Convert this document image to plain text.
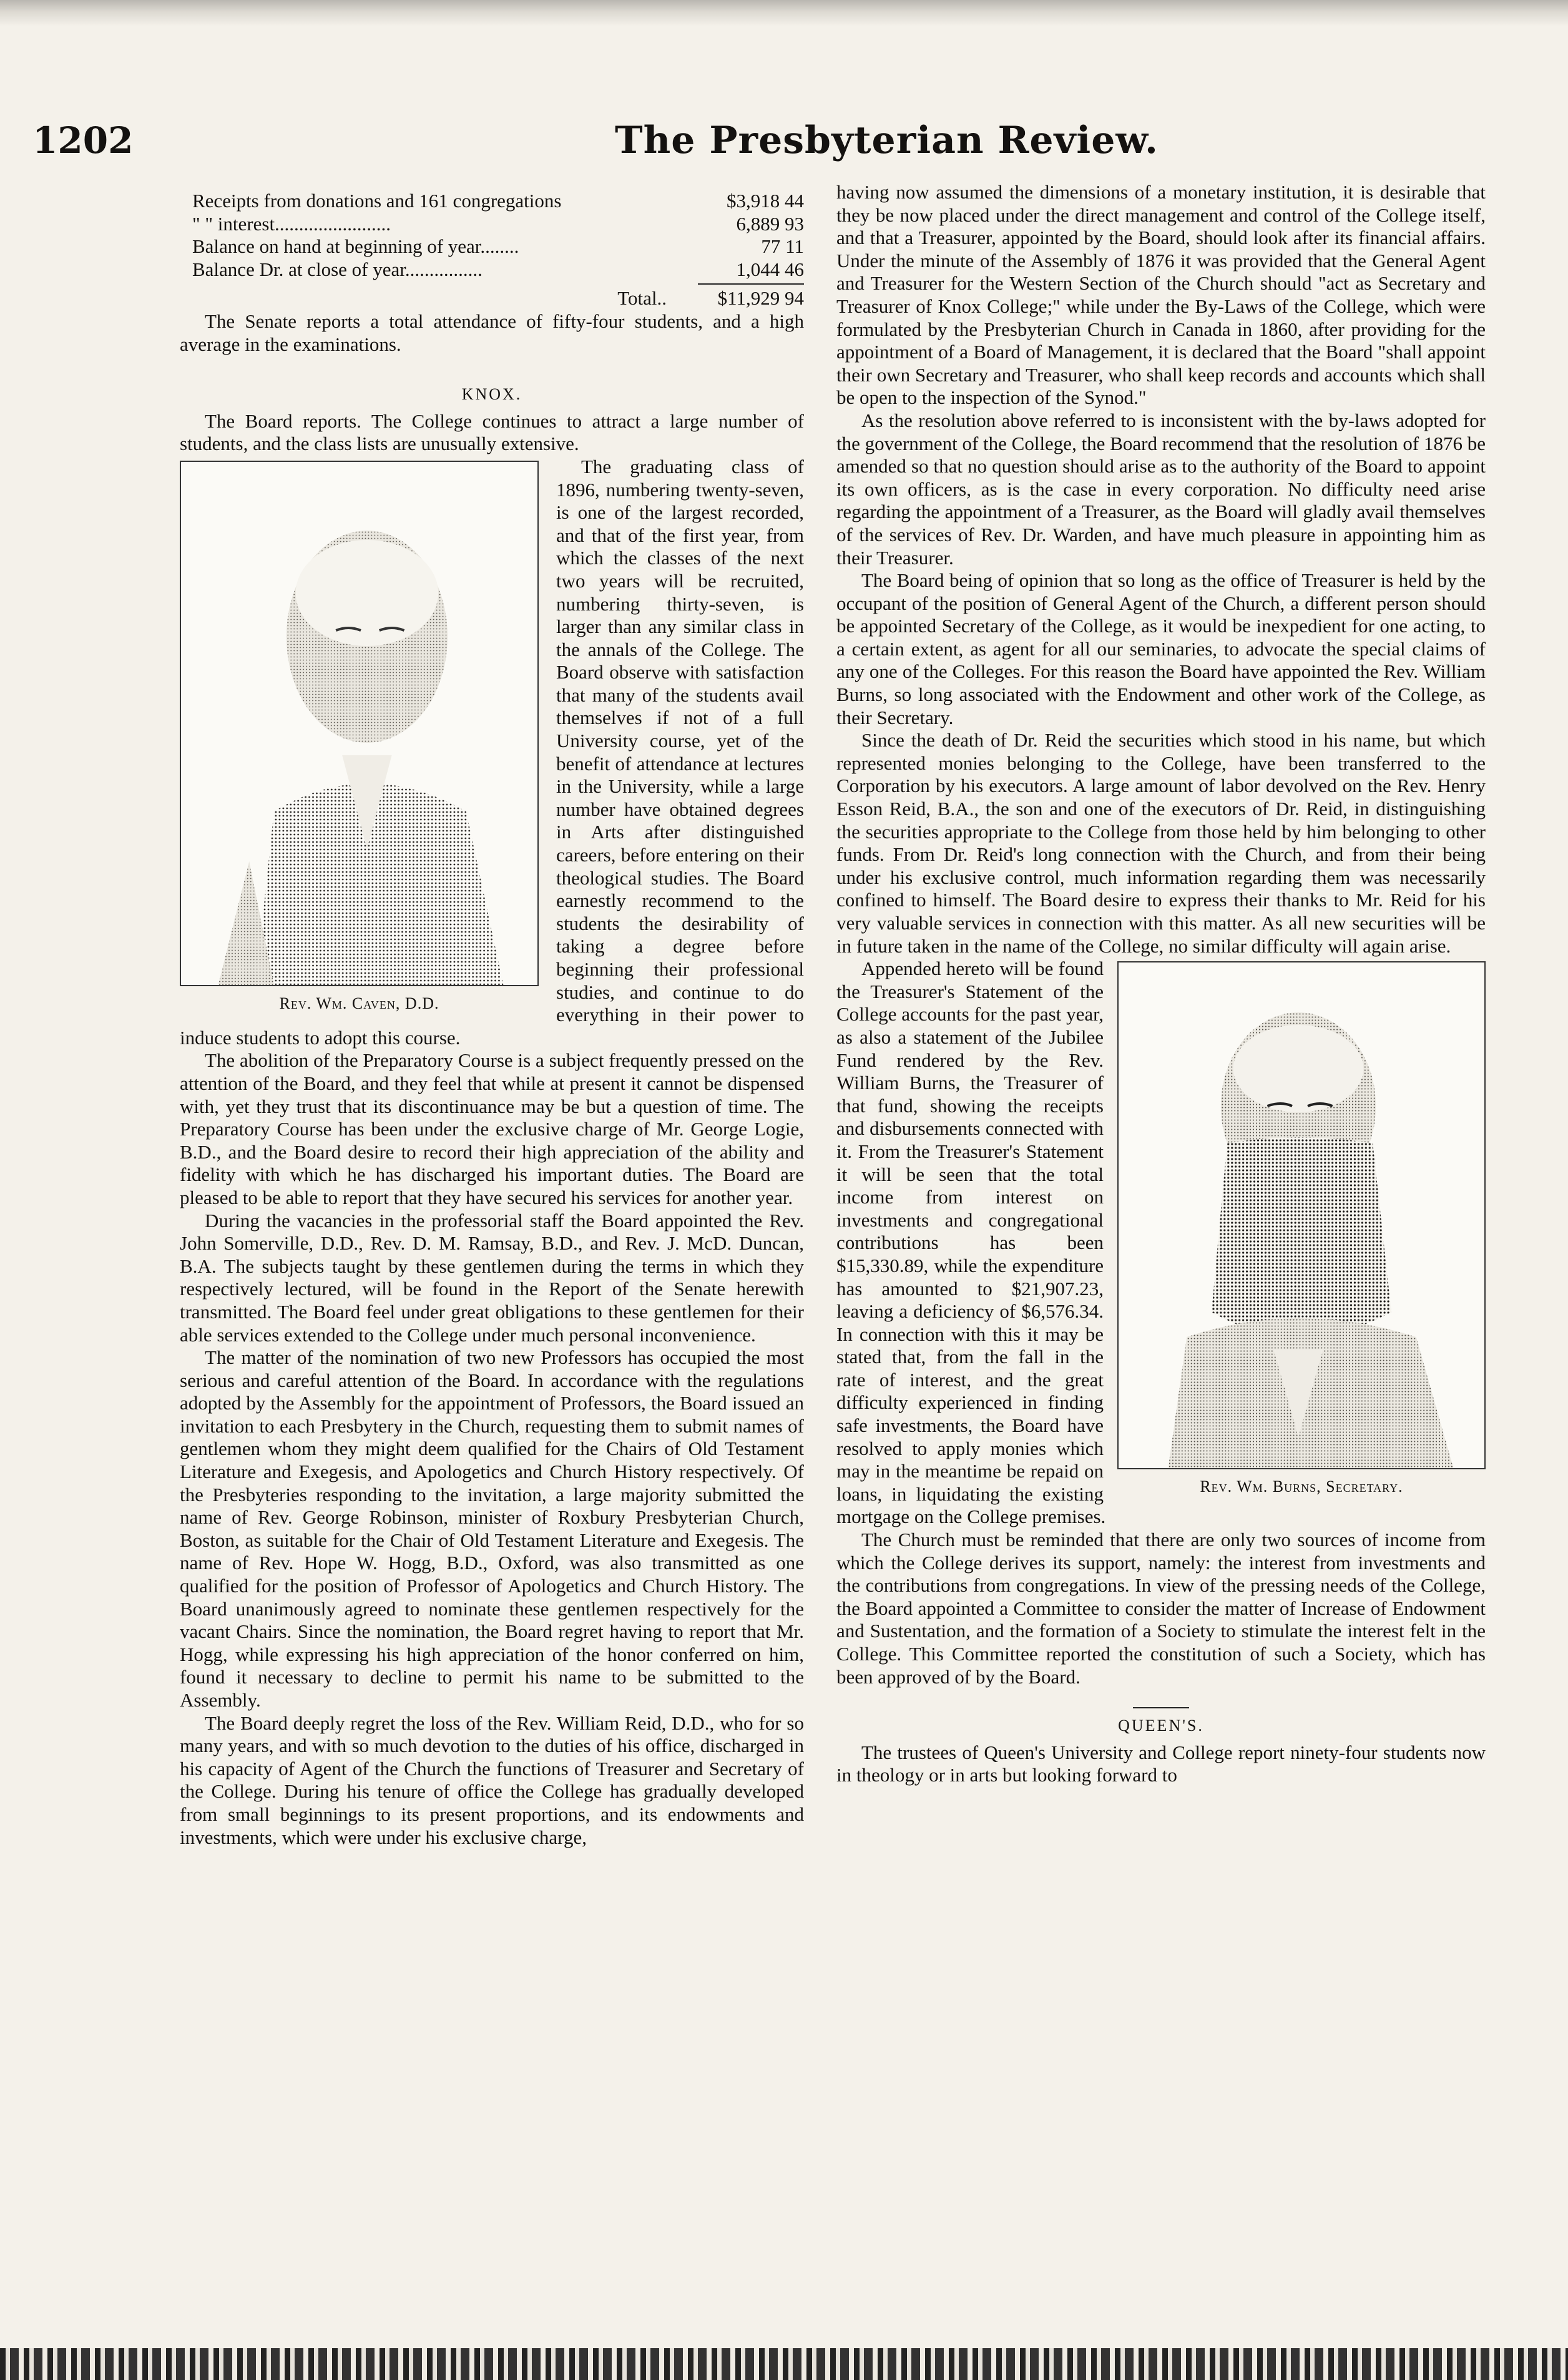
1202	The Presbyterian Review.
Receipts from donations and 161 congregations	$3,918 44
" " interest........................	6,889 93
Balance on hand at beginning of year........	77 11
Balance Dr. at close of year................	1,044 46
Total..	$11,929 94

The Senate reports a total attendance of fifty-four students, and a high average in the examinations.

KNOX.

The Board reports. The College continues to attract a large number of students, and the class lists are unusually extensive.

Rev. Wm. Caven, D.D.

The graduating class of 1896, numbering twenty-seven, is one of the largest recorded, and that of the first year, from which the classes of the next two years will be recruited, numbering thirty-seven, is larger than any similar class in the annals of the College. The Board observe with satisfaction that many of the students avail themselves if not of a full University course, yet of the benefit of attendance at lectures in the University, while a large number have obtained degrees in Arts after distinguished careers, before entering on their theological studies. The Board earnestly recommend to the students the desirability of taking a degree before beginning their professional studies, and continue to do everything in their power to induce students to adopt this course.

The abolition of the Preparatory Course is a subject frequently pressed on the attention of the Board, and they feel that while at present it cannot be dispensed with, yet they trust that its discontinuance may be but a question of time. The Preparatory Course has been under the exclusive charge of Mr. George Logie, B.D., and the Board desire to record their high appreciation of the ability and fidelity with which he has discharged his important duties. The Board are pleased to be able to report that they have secured his services for another year.

During the vacancies in the professorial staff the Board appointed the Rev. John Somerville, D.D., Rev. D. M. Ramsay, B.D., and Rev. J. McD. Duncan, B.A. The subjects taught by these gentlemen during the terms in which they respectively lectured, will be found in the Report of the Senate herewith transmitted. The Board feel under great obligations to these gentlemen for their able services extended to the College under much personal inconvenience.

The matter of the nomination of two new Professors has occupied the most serious and careful attention of the Board. In accordance with the regulations adopted by the Assembly for the appointment of Professors, the Board issued an invitation to each Presbytery in the Church, requesting them to submit names of gentlemen whom they might deem qualified for the Chairs of Old Testament Literature and Exegesis, and Apologetics and Church History respectively. Of the Presbyteries responding to the invitation, a large majority submitted the name of Rev. George Robinson, minister of Roxbury Presbyterian Church, Boston, as suitable for the Chair of Old Testament Literature and Exegesis. The name of Rev. Hope W. Hogg, B.D., Oxford, was also transmitted as one qualified for the position of Professor of Apologetics and Church History. The Board unanimously agreed to nominate these gentlemen respectively for the vacant Chairs. Since the nomination, the Board regret having to report that Mr. Hogg, while expressing his high appreciation of the honor conferred on him, found it necessary to decline to permit his name to be submitted to the Assembly.

The Board deeply regret the loss of the Rev. William Reid, D.D., who for so many years, and with so much devotion to the duties of his office, discharged in his capacity of Agent of the Church the functions of Treasurer and Secretary of the College. During his tenure of office the College has gradually developed from small beginnings to its present proportions, and its endowments and investments, which were under his exclusive charge,

having now assumed the dimensions of a monetary institution, it is desirable that they be now placed under the direct management and control of the College itself, and that a Treasurer, appointed by the Board, should look after its financial affairs. Under the minute of the Assembly of 1876 it was provided that the General Agent and Treasurer for the Western Section of the Church should "act as Secretary and Treasurer of Knox College;" while under the By-Laws of the College, which were formulated by the Presbyterian Church in Canada in 1860, after providing for the appointment of a Board of Management, it is declared that the Board "shall appoint their own Secretary and Treasurer, who shall keep records and accounts which shall be open to the inspection of the Synod."

As the resolution above referred to is inconsistent with the by-laws adopted for the government of the College, the Board recommend that the resolution of 1876 be amended so that no question should arise as to the authority of the Board to appoint its own officers, as is the case in every corporation. No difficulty need arise regarding the appointment of a Treasurer, as the Board will gladly avail themselves of the services of Rev. Dr. Warden, and have much pleasure in appointing him as their Treasurer.

The Board being of opinion that so long as the office of Treasurer is held by the occupant of the position of General Agent of the Church, a different person should be appointed Secretary of the College, as it would be inexpedient for one acting, to a certain extent, as agent for all our seminaries, to advocate the special claims of any one of the Colleges. For this reason the Board have appointed the Rev. William Burns, so long associated with the Endowment and other work of the College, as their Secretary.

Since the death of Dr. Reid the securities which stood in his name, but which represented monies belonging to the College, have been transferred to the Corporation by his executors. A large amount of labor devolved on the Rev. Henry Esson Reid, B.A., the son and one of the executors of Dr. Reid, in distinguishing the securities appropriate to the College from those held by him belonging to other funds. From Dr. Reid's long connection with the Church, and from their being under his exclusive control, much information regarding them was necessarily confined to himself. The Board desire to express their thanks to Mr. Reid for his very valuable services in connection with this matter. As all new securities will be in future taken in the name of the College, no similar difficulty will again arise.

Rev. Wm. Burns, Secretary.

Appended hereto will be found the Treasurer's Statement of the College accounts for the past year, as also a statement of the Jubilee Fund rendered by the Rev. William Burns, the Treasurer of that fund, showing the receipts and disbursements connected with it. From the Treasurer's Statement it will be seen that the total income from interest on investments and congregational contributions has been $15,330.89, while the expenditure has amounted to $21,907.23, leaving a deficiency of $6,576.34. In connection with this it may be stated that, from the fall in the rate of interest, and the great difficulty experienced in finding safe investments, the Board have resolved to apply monies which may in the meantime be repaid on loans, in liquidating the existing mortgage on the College premises.

The Church must be reminded that there are only two sources of income from which the College derives its support, namely: the interest from investments and the contributions from congregations. In view of the pressing needs of the College, the Board appointed a Committee to consider the matter of Increase of Endowment and Sustentation, and the formation of a Society to stimulate the interest felt in the College. This Committee reported the constitution of such a Society, which has been approved of by the Board.

QUEEN'S.

The trustees of Queen's University and College report ninety-four students now in theology or in arts but looking forward to
